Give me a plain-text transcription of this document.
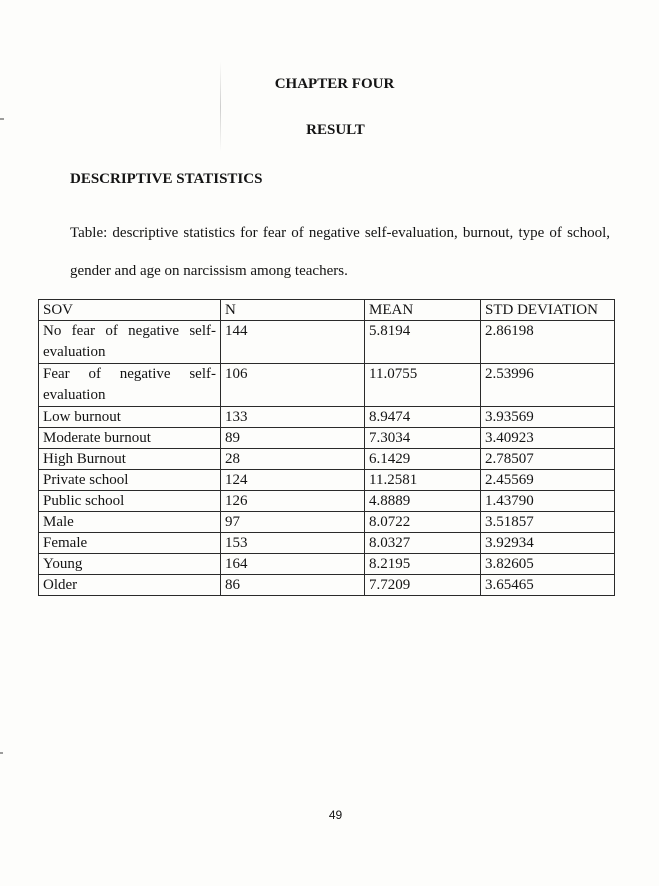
CHAPTER FOUR
RESULT
DESCRIPTIVE STATISTICS

Table: descriptive statistics for fear of negative self-evaluation, burnout, type of school, gender and age on narcissism among teachers.

SOV	N	MEAN	STD DEVIATION
No fear of negative self-evaluation	144	5.8194	2.86198
Fear of negative self-evaluation	106	11.0755	2.53996
Low burnout	133	8.9474	3.93569
Moderate burnout	89	7.3034	3.40923
High Burnout	28	6.1429	2.78507
Private school	124	11.2581	2.45569
Public school	126	4.8889	1.43790
Male	97	8.0722	3.51857
Female	153	8.0327	3.92934
Young	164	8.2195	3.82605
Older	86	7.7209	3.65465

49
